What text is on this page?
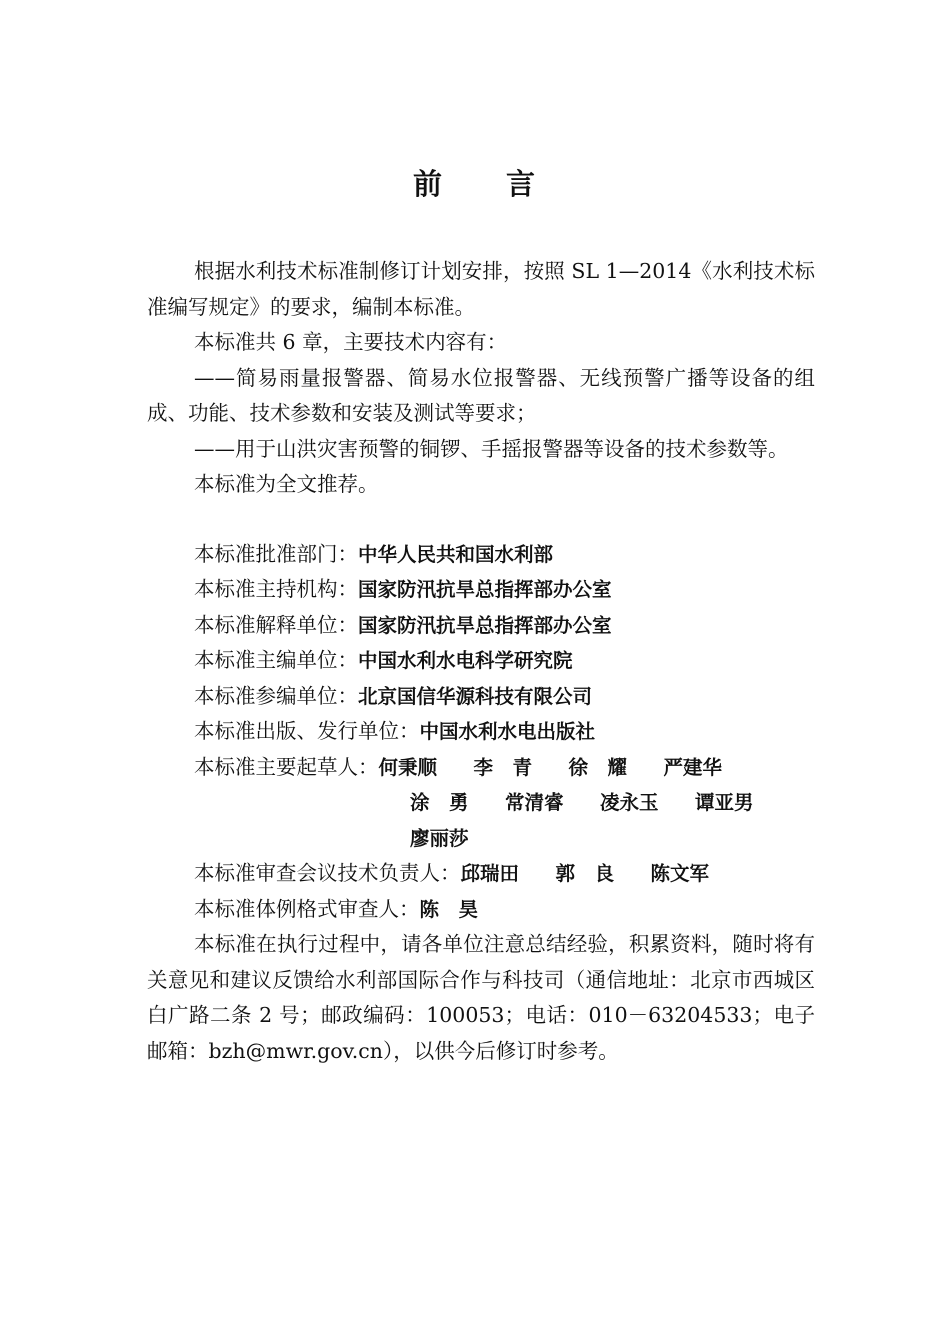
前 言

根据水利技术标准制修订计划安排，按照 SL 1—2014《水利技术标准编写规定》的要求，编制本标准。

本标准共 6 章，主要技术内容有：

——简易雨量报警器、简易水位报警器、无线预警广播等设备的组成、功能、技术参数和安装及测试等要求；

——用于山洪灾害预警的铜锣、手摇报警器等设备的技术参数等。

本标准为全文推荐。

本标准批准部门：中华人民共和国水利部

本标准主持机构：国家防汛抗旱总指挥部办公室

本标准解释单位：国家防汛抗旱总指挥部办公室

本标准主编单位：中国水利水电科学研究院

本标准参编单位：北京国信华源科技有限公司

本标准出版、发行单位：中国水利水电出版社

本标准主要起草人：何秉顺 李　青 徐　耀 严建华

涂　勇 常清睿 凌永玉 谭亚男

廖丽莎

本标准审查会议技术负责人：邱瑞田 郭　良 陈文军

本标准体例格式审查人：陈　昊

本标准在执行过程中，请各单位注意总结经验，积累资料，随时将有关意见和建议反馈给水利部国际合作与科技司（通信地址：北京市西城区白广路二条 2 号；邮政编码：100053；电话：010－63204533；电子邮箱：bzh@mwr.gov.cn），以供今后修订时参考。
